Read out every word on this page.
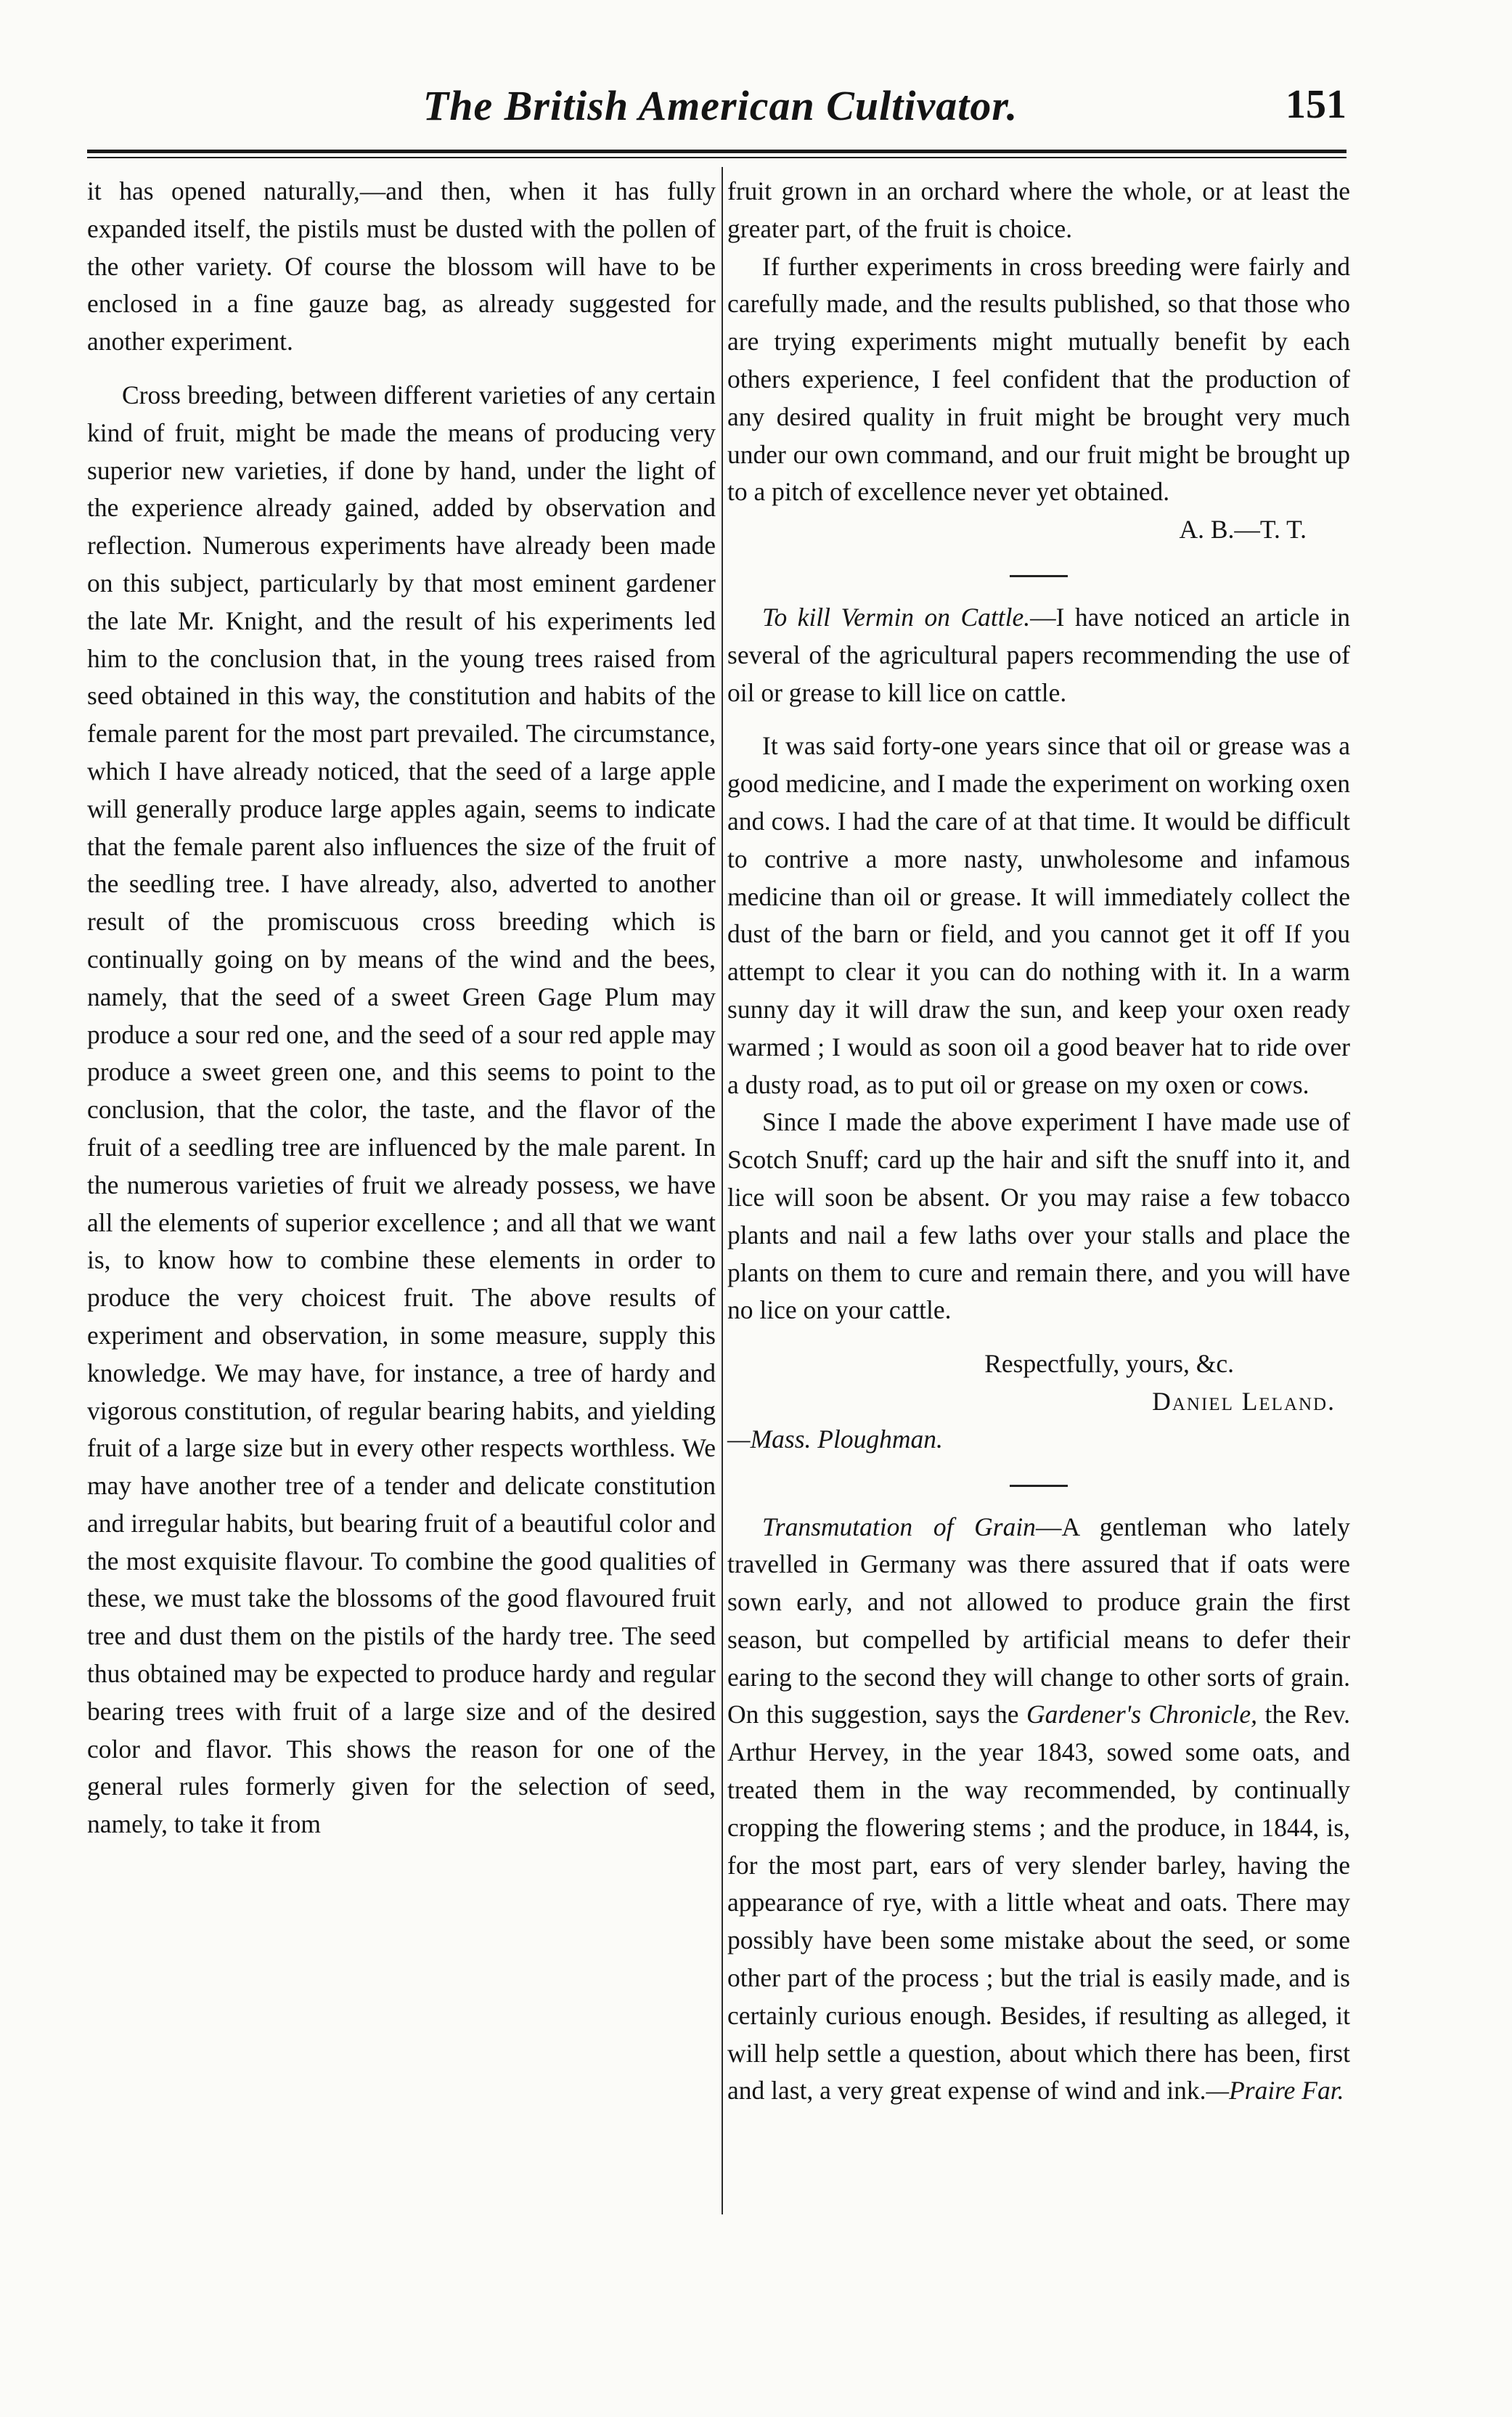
The British American Cultivator.	151

it has opened naturally,—and then, when it has fully expanded itself, the pistils must be dusted with the pollen of the other variety. Of course the blossom will have to be enclosed in a fine gauze bag, as already suggested for another experiment.

Cross breeding, between different varieties of any certain kind of fruit, might be made the means of producing very superior new varieties, if done by hand, under the light of the experience already gained, added by observation and reflection. Numerous experiments have already been made on this subject, particularly by that most eminent gardener the late Mr. Knight, and the result of his experiments led him to the conclusion that, in the young trees raised from seed obtained in this way, the constitution and habits of the female parent for the most part prevailed. The circumstance, which I have already noticed, that the seed of a large apple will generally produce large apples again, seems to indicate that the female parent also influences the size of the fruit of the seedling tree. I have already, also, adverted to another result of the promiscuous cross breeding which is continually going on by means of the wind and the bees, namely, that the seed of a sweet Green Gage Plum may produce a sour red one, and the seed of a sour red apple may produce a sweet green one, and this seems to point to the conclusion, that the color, the taste, and the flavor of the fruit of a seedling tree are influenced by the male parent. In the numerous varieties of fruit we already possess, we have all the elements of superior excellence ; and all that we want is, to know how to combine these elements in order to produce the very choicest fruit. The above results of experiment and observation, in some measure, supply this knowledge. We may have, for instance, a tree of hardy and vigorous constitution, of regular bearing habits, and yielding fruit of a large size but in every other respects worthless. We may have another tree of a tender and delicate constitution and irregular habits, but bearing fruit of a beautiful color and the most exquisite flavour. To combine the good qualities of these, we must take the blossoms of the good flavoured fruit tree and dust them on the pistils of the hardy tree. The seed thus obtained may be expected to produce hardy and regular bearing trees with fruit of a large size and of the desired color and flavor. This shows the reason for one of the general rules formerly given for the selection of seed, namely, to take it from

fruit grown in an orchard where the whole, or at least the greater part, of the fruit is choice.

If further experiments in cross breeding were fairly and carefully made, and the results published, so that those who are trying experiments might mutually benefit by each others experience, I feel confident that the production of any desired quality in fruit might be brought very much under our own command, and our fruit might be brought up to a pitch of excellence never yet obtained.

A. B.—T. T.

To kill Vermin on Cattle.—I have noticed an article in several of the agricultural papers recommending the use of oil or grease to kill lice on cattle.

It was said forty-one years since that oil or grease was a good medicine, and I made the experiment on working oxen and cows. I had the care of at that time. It would be difficult to contrive a more nasty, unwholesome and infamous medicine than oil or grease. It will immediately collect the dust of the barn or field, and you cannot get it off If you attempt to clear it you can do nothing with it. In a warm sunny day it will draw the sun, and keep your oxen ready warmed ; I would as soon oil a good beaver hat to ride over a dusty road, as to put oil or grease on my oxen or cows.

Since I made the above experiment I have made use of Scotch Snuff; card up the hair and sift the snuff into it, and lice will soon be absent. Or you may raise a few tobacco plants and nail a few laths over your stalls and place the plants on them to cure and remain there, and you will have no lice on your cattle.

Respectfully, yours, &c.

Daniel Leland.

—Mass. Ploughman.

Transmutation of Grain—A gentleman who lately travelled in Germany was there assured that if oats were sown early, and not allowed to produce grain the first season, but compelled by artificial means to defer their earing to the second they will change to other sorts of grain. On this suggestion, says the Gardener's Chronicle, the Rev. Arthur Hervey, in the year 1843, sowed some oats, and treated them in the way recommended, by continually cropping the flowering stems ; and the produce, in 1844, is, for the most part, ears of very slender barley, having the appearance of rye, with a little wheat and oats. There may possibly have been some mistake about the seed, or some other part of the process ; but the trial is easily made, and is certainly curious enough. Besides, if resulting as alleged, it will help settle a question, about which there has been, first and last, a very great expense of wind and ink.—Praire Far.
